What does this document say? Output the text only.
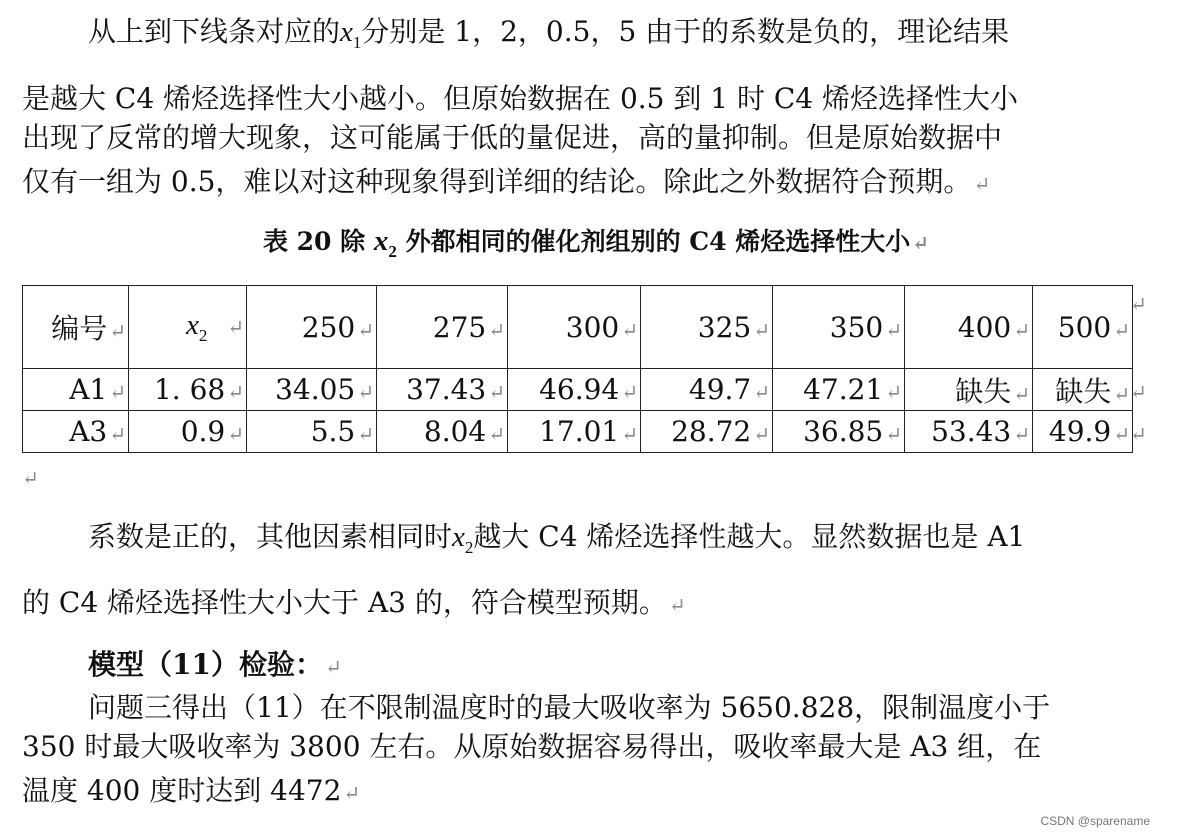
从上到下线条对应的$x_1$分别是 1，2，0.5，5 由于的系数是负的，理论结果
是越大 C4 烯烃选择性大小越小。但原始数据在 0.5 到 1 时 C4 烯烃选择性大小
出现了反常的增大现象，这可能属于低的量促进，高的量抑制。但是原始数据中
仅有一组为 0.5，难以对这种现象得到详细的结论。除此之外数据符合预期。 ↵
表 20 除 $x_2$ 外都相同的催化剂组别的 C4 烯烃选择性大小 ↵
编号 ↵	$x_2$ ↵	250 ↵	275 ↵	300 ↵	325 ↵	350 ↵	400 ↵	500 ↵
A1 ↵	1. 68 ↵	34.05 ↵	37.43 ↵	46.94 ↵	49.7 ↵	47.21 ↵	缺失 ↵	缺失 ↵
A3 ↵	0.9 ↵	5.5 ↵	8.04 ↵	17.01 ↵	28.72 ↵	36.85 ↵	53.43 ↵	49.9 ↵
↵
↵
↵
↵
系数是正的，其他因素相同时$x_2$越大 C4 烯烃选择性越大。显然数据也是 A1
的 C4 烯烃选择性大小大于 A3 的，符合模型预期。 ↵
模型（11）检验： ↵
问题三得出（11）在不限制温度时的最大吸收率为 5650.828，限制温度小于
350 时最大吸收率为 3800 左右。从原始数据容易得出，吸收率最大是 A3 组，在
温度 400 度时达到 4472 ↵
CSDN @sparename
